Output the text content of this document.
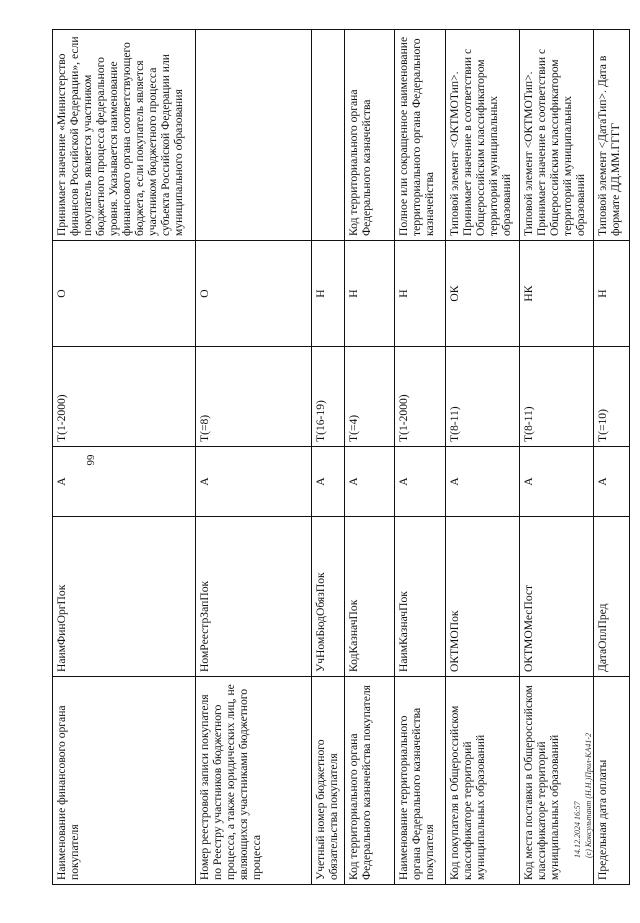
66
14.12.2024 16:57 (c) Консультант (Н.Н.)Прил-КА41-2
Наименование финансового органа покупателя	НаимФинОргПок	А	Т(1-2000)	О	Принимает значение «Министерство финансов Российской Федерации», если покупатель является участником бюджетного процесса федерального уровня. Указывается наименование финансового органа соответствующего бюджета, если покупатель является участником бюджетного процесса субъекта Российской Федерации или муниципального образования
Номер реестровой записи покупателя по Реестру участников бюджетного процесса, а также юридических лиц, не являющихся участниками бюджетного процесса	НомРеестрЗапПок	А	Т(=8)	О	
Учетный номер бюджетного обязательства покупателя	УчНомБюдОбязПок	А	Т(16-19)	Н	
Код территориального органа Федерального казначейства покупателя	КодКазначПок	А	Т(=4)	Н	Код территориального органа Федерального казначейства
Наименование территориального органа Федерального казначейства покупателя	НаимКазначПок	А	Т(1-2000)	Н	Полное или сокращенное наименование территориального органа Федерального казначейства
Код покупателя в Общероссийском классификаторе территорий муниципальных образований	ОКТМОПок	А	Т(8-11)	ОК	Типовой элемент <ОКТМОТип>. Принимает значение в соответствии с Общероссийским классификатором территорий муниципальных образований
Код места поставки в Общероссийском классификаторе территорий муниципальных образований	ОКТМОМесПост	А	Т(8-11)	НК	Типовой элемент <ОКТМОТип>. Принимает значение в соответствии с Общероссийским классификатором территорий муниципальных образований
Предельная дата оплаты	ДатаОплПред	А	Т(=10)	Н	Типовой элемент <ДатаТип>. Дата в формате ДД.ММ.ГГГГ
